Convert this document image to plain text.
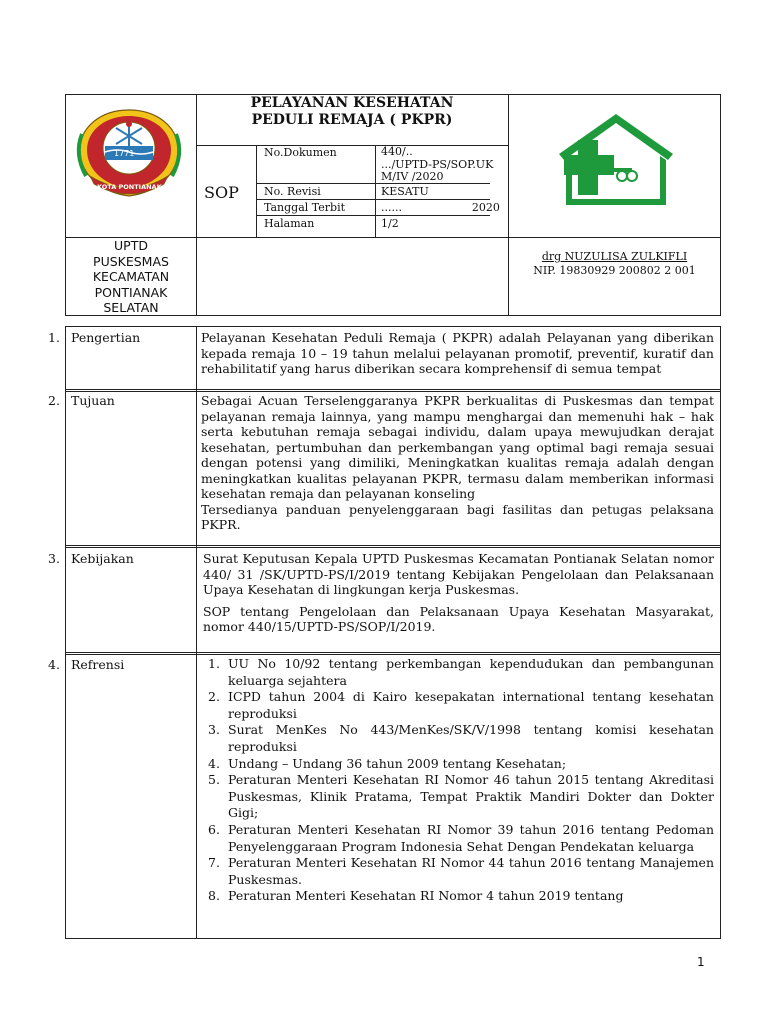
1771
KOTA PONTIANAK
PELAYANAN KESEHATAN
PEDULI REMAJA ( PKPR)
SOP
No.Dokumen	440/..
.../UPTD-PS/SOP.UK
M/IV /2020
No. Revisi	KESATU
Tanggal Terbit	......                    2020
Halaman	1/2
UPTD
PUSKESMAS
KECAMATAN
PONTIANAK
SELATAN
drg NUZULISA ZULKIFLI
NIP. 19830929 200802 2 001
1. Pengertian	Pelayanan Kesehatan Peduli Remaja ( PKPR) adalah Pelayanan yang diberikan kepada remaja 10 – 19 tahun melalui pelayanan promotif, preventif, kuratif dan rehabilitatif yang harus diberikan secara komprehensif di semua tempat
2. Tujuan	Sebagai Acuan Terselenggaranya PKPR berkualitas di Puskesmas dan tempat pelayanan remaja lainnya, yang mampu menghargai dan memenuhi hak – hak serta kebutuhan remaja sebagai individu, dalam upaya mewujudkan derajat kesehatan, pertumbuhan dan perkembangan yang optimal bagi remaja sesuai dengan potensi yang dimiliki, Meningkatkan kualitas remaja adalah dengan meningkatkan kualitas pelayanan PKPR, termasu dalam memberikan informasi kesehatan remaja dan pelayanan konseling
Tersedianya panduan penyelenggaraan bagi fasilitas dan petugas pelaksana PKPR.
3. Kebijakan	Surat Keputusan Kepala UPTD Puskesmas Kecamatan Pontianak Selatan nomor 440/ 31 /SK/UPTD-PS/I/2019 tentang Kebijakan Pengelolaan dan Pelaksanaan Upaya Kesehatan di lingkungan kerja Puskesmas.
SOP tentang Pengelolaan dan Pelaksanaan Upaya Kesehatan Masyarakat, nomor 440/15/UPTD-PS/SOP/I/2019.
4. Refrensi	1. UU No 10/92 tentang perkembangan kependudukan dan pembangunan keluarga sejahtera
2. ICPD tahun 2004 di Kairo kesepakatan international tentang kesehatan reproduksi
3. Surat MenKes No 443/MenKes/SK/V/1998 tentang komisi kesehatan reproduksi
4. Undang – Undang 36 tahun 2009 tentang Kesehatan;
5. Peraturan Menteri Kesehatan RI Nomor 46 tahun 2015 tentang Akreditasi Puskesmas, Klinik Pratama, Tempat Praktik Mandiri Dokter dan Dokter Gigi;
6. Peraturan Menteri Kesehatan RI Nomor 39 tahun 2016 tentang Pedoman Penyelenggaraan Program Indonesia Sehat Dengan Pendekatan keluarga
7. Peraturan Menteri Kesehatan RI Nomor 44 tahun 2016 tentang Manajemen Puskesmas.
8. Peraturan Menteri Kesehatan RI Nomor 4 tahun 2019 tentang
1
